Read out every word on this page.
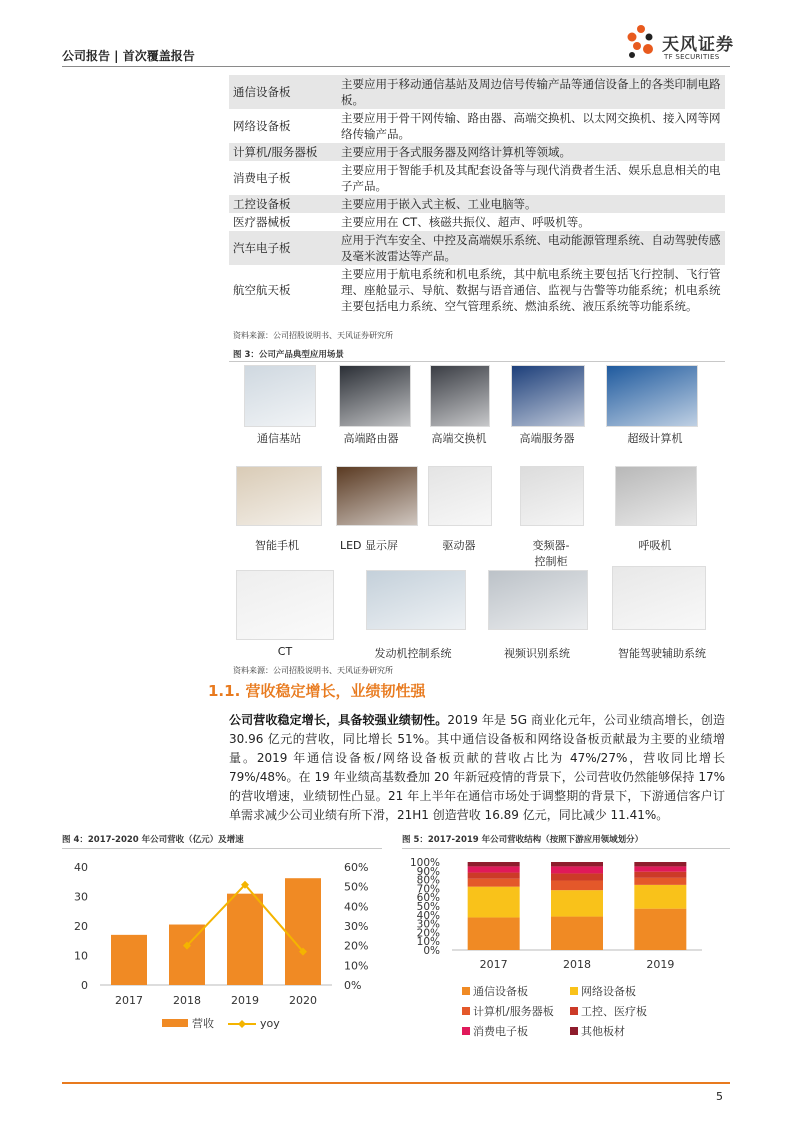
公司报告 | 首次覆盖报告
天风证券
TF SECURITIES
通信设备板	主要应用于移动通信基站及周边信号传输产品等通信设备上的各类印制电路板。
网络设备板	主要应用于骨干网传输、路由器、高端交换机、以太网交换机、接入网等网络传输产品。
计算机/服务器板	主要应用于各式服务器及网络计算机等领域。
消费电子板	主要应用于智能手机及其配套设备等与现代消费者生活、娱乐息息相关的电子产品。
工控设备板	主要应用于嵌入式主板、工业电脑等。
医疗器械板	主要应用在 CT、核磁共振仪、超声、呼吸机等。
汽车电子板	应用于汽车安全、中控及高端娱乐系统、电动能源管理系统、自动驾驶传感及毫米波雷达等产品。
航空航天板	主要应用于航电系统和机电系统，其中航电系统主要包括飞行控制、飞行管理、座舱显示、导航、数据与语音通信、监视与告警等功能系统；机电系统主要包括电力系统、空气管理系统、燃油系统、液压系统等功能系统。
资料来源：公司招股说明书、天风证券研究所
图 3：公司产品典型应用场景
通信基站	高端路由器	高端交换机	高端服务器	超级计算机
智能手机	LED 显示屏	驱动器	变频器-
控制柜
呼吸机
CT	发动机控制系统	视频识别系统	智能驾驶辅助系统
资料来源：公司招股说明书、天风证券研究所
1.1. 营收稳定增长，业绩韧性强
公司营收稳定增长，具备较强业绩韧性。2019 年是 5G 商业化元年，公司业绩高增长，创造 30.96 亿元的营收，同比增长 51%。其中通信设备板和网络设备板贡献最为主要的业绩增量。2019 年通信设备板/网络设备板贡献的营收占比为 47%/27%，营收同比增长 79%/48%。在 19 年业绩高基数叠加 20 年新冠疫情的背景下，公司营收仍然能够保持 17%的营收增速，业绩韧性凸显。21 年上半年在通信市场处于调整期的背景下，下游通信客户订单需求减少公司业绩有所下滑，21H1 创造营收 16.89 亿元，同比减少 11.41%。
图 4：2017-2020 年公司营收（亿元）及增速
0
10
20
30
40
0%
10%
20%
30%
40%
50%
60%
2017	2018	2019	2020
营收	yoy
图 5：2017-2019 年公司营收结构（按照下游应用领域划分）
0%
10%
20%
30%
40%
50%
60%
70%
80%
90%
100%
2017	2018	2019
通信设备板	网络设备板
计算机/服务器板 工控、医疗板
消费电子板	其他板材
5
